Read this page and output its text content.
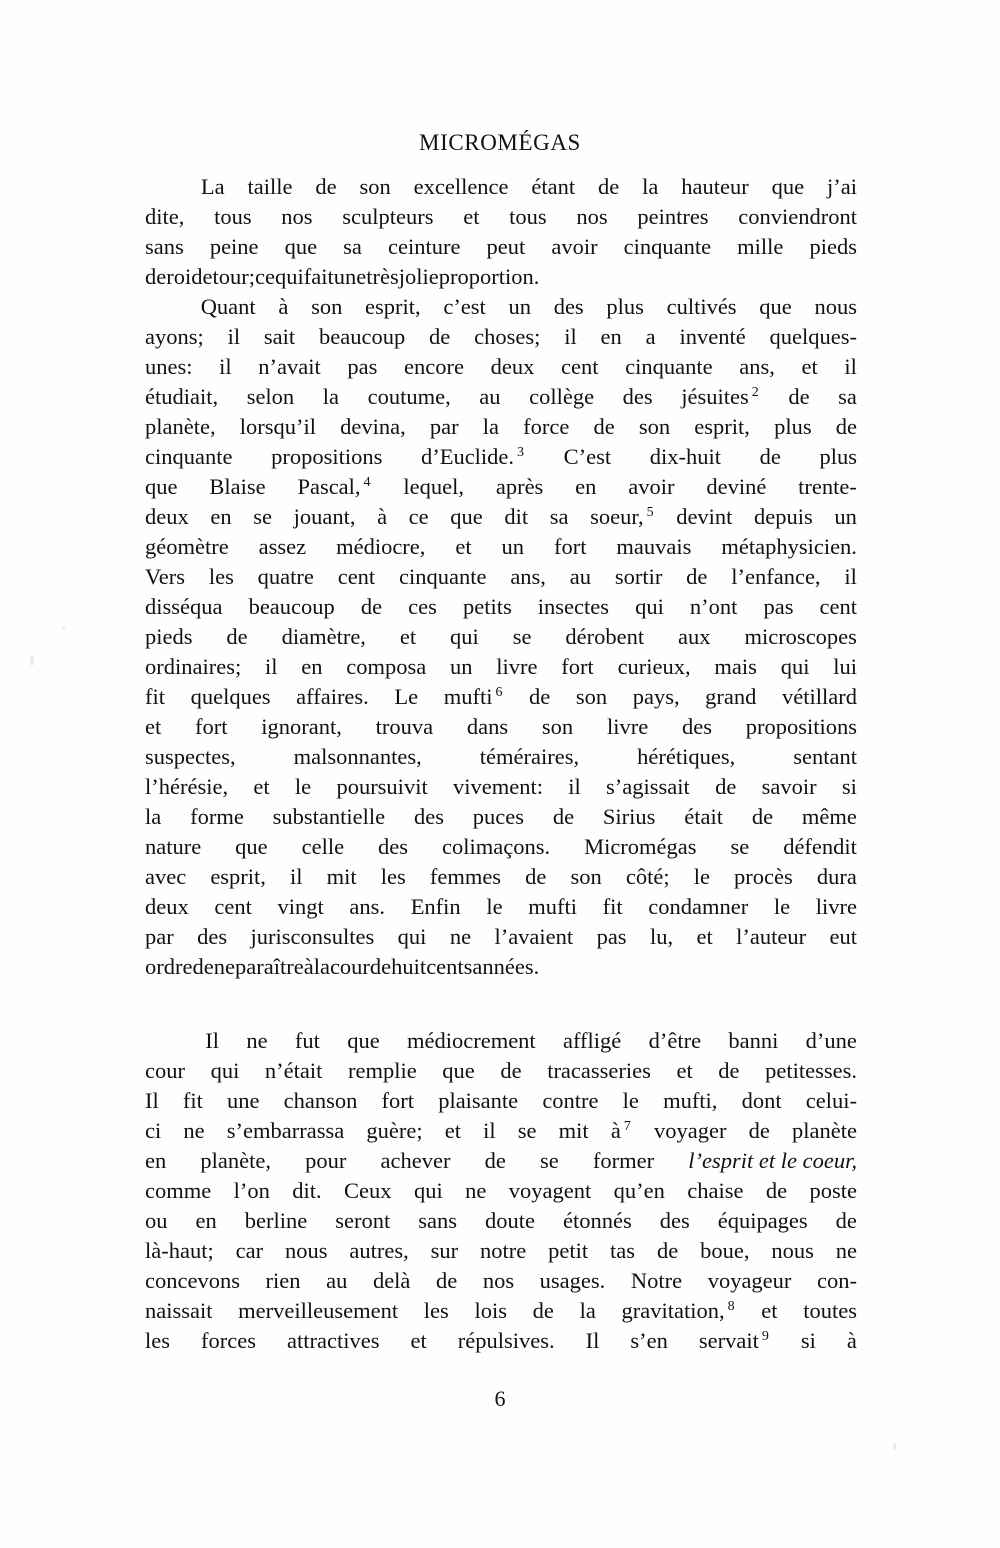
MICROMÉGAS
La taille de son excellence étant de la hauteur que j’ai
dite, tous nos sculpteurs et tous nos peintres conviendront
sans peine que sa ceinture peut avoir cinquante mille pieds
de roi de tour; ce qui fait une très jolie proportion.
Quant à son esprit, c’est un des plus cultivés que nous
ayons; il sait beaucoup de choses; il en a inventé quelques-
unes: il n’avait pas encore deux cent cinquante ans, et il
étudiait, selon la coutume, au collège des jésuites $^2$ de sa
planète, lorsqu’il devina, par la force de son esprit, plus de
cinquante propositions d’Euclide. $^3$ C’est dix-huit de plus
que Blaise Pascal, $^4$ lequel, après en avoir deviné trente-
deux en se jouant, à ce que dit sa soeur, $^5$ devint depuis un
géomètre assez médiocre, et un fort mauvais métaphysicien.
Vers les quatre cent cinquante ans, au sortir de l’enfance, il
disséqua beaucoup de ces petits insectes qui n’ont pas cent
pieds de diamètre, et qui se dérobent aux microscopes
ordinaires; il en composa un livre fort curieux, mais qui lui
fit quelques affaires. Le mufti $^6$ de son pays, grand vétillard
et fort ignorant, trouva dans son livre des propositions
suspectes,	malsonnantes,	téméraires,	hérétiques,	sentant
l’hérésie, et le poursuivit vivement: il s’agissait de savoir si
la forme substantielle des puces de Sirius était de même
nature que celle des colimaçons. Micromégas se défendit
avec esprit, il mit les femmes de son côté; le procès dura
deux cent vingt ans. Enfin le mufti fit condamner le livre
par des jurisconsultes qui ne l’avaient pas lu, et l’auteur eut
ordre de ne paraître à la cour de huit cents années.
Il ne fut que médiocrement affligé d’être banni d’une
cour qui n’était remplie que de tracasseries et de petitesses.
Il fit une chanson fort plaisante contre le mufti, dont celui-
ci ne s’embarrassa guère; et il se mit à $^7$ voyager de planète
en planète, pour achever de se former l’esprit et le coeur,
comme l’on dit. Ceux qui ne voyagent qu’en chaise de poste
ou en berline seront sans doute étonnés des équipages de
là-haut; car nous autres, sur notre petit tas de boue, nous ne
concevons rien au delà de nos usages. Notre voyageur con-
naissait merveilleusement les lois de la gravitation, $^8$ et toutes
les forces attractives et répulsives. Il s’en servait $^9$ si à
6
